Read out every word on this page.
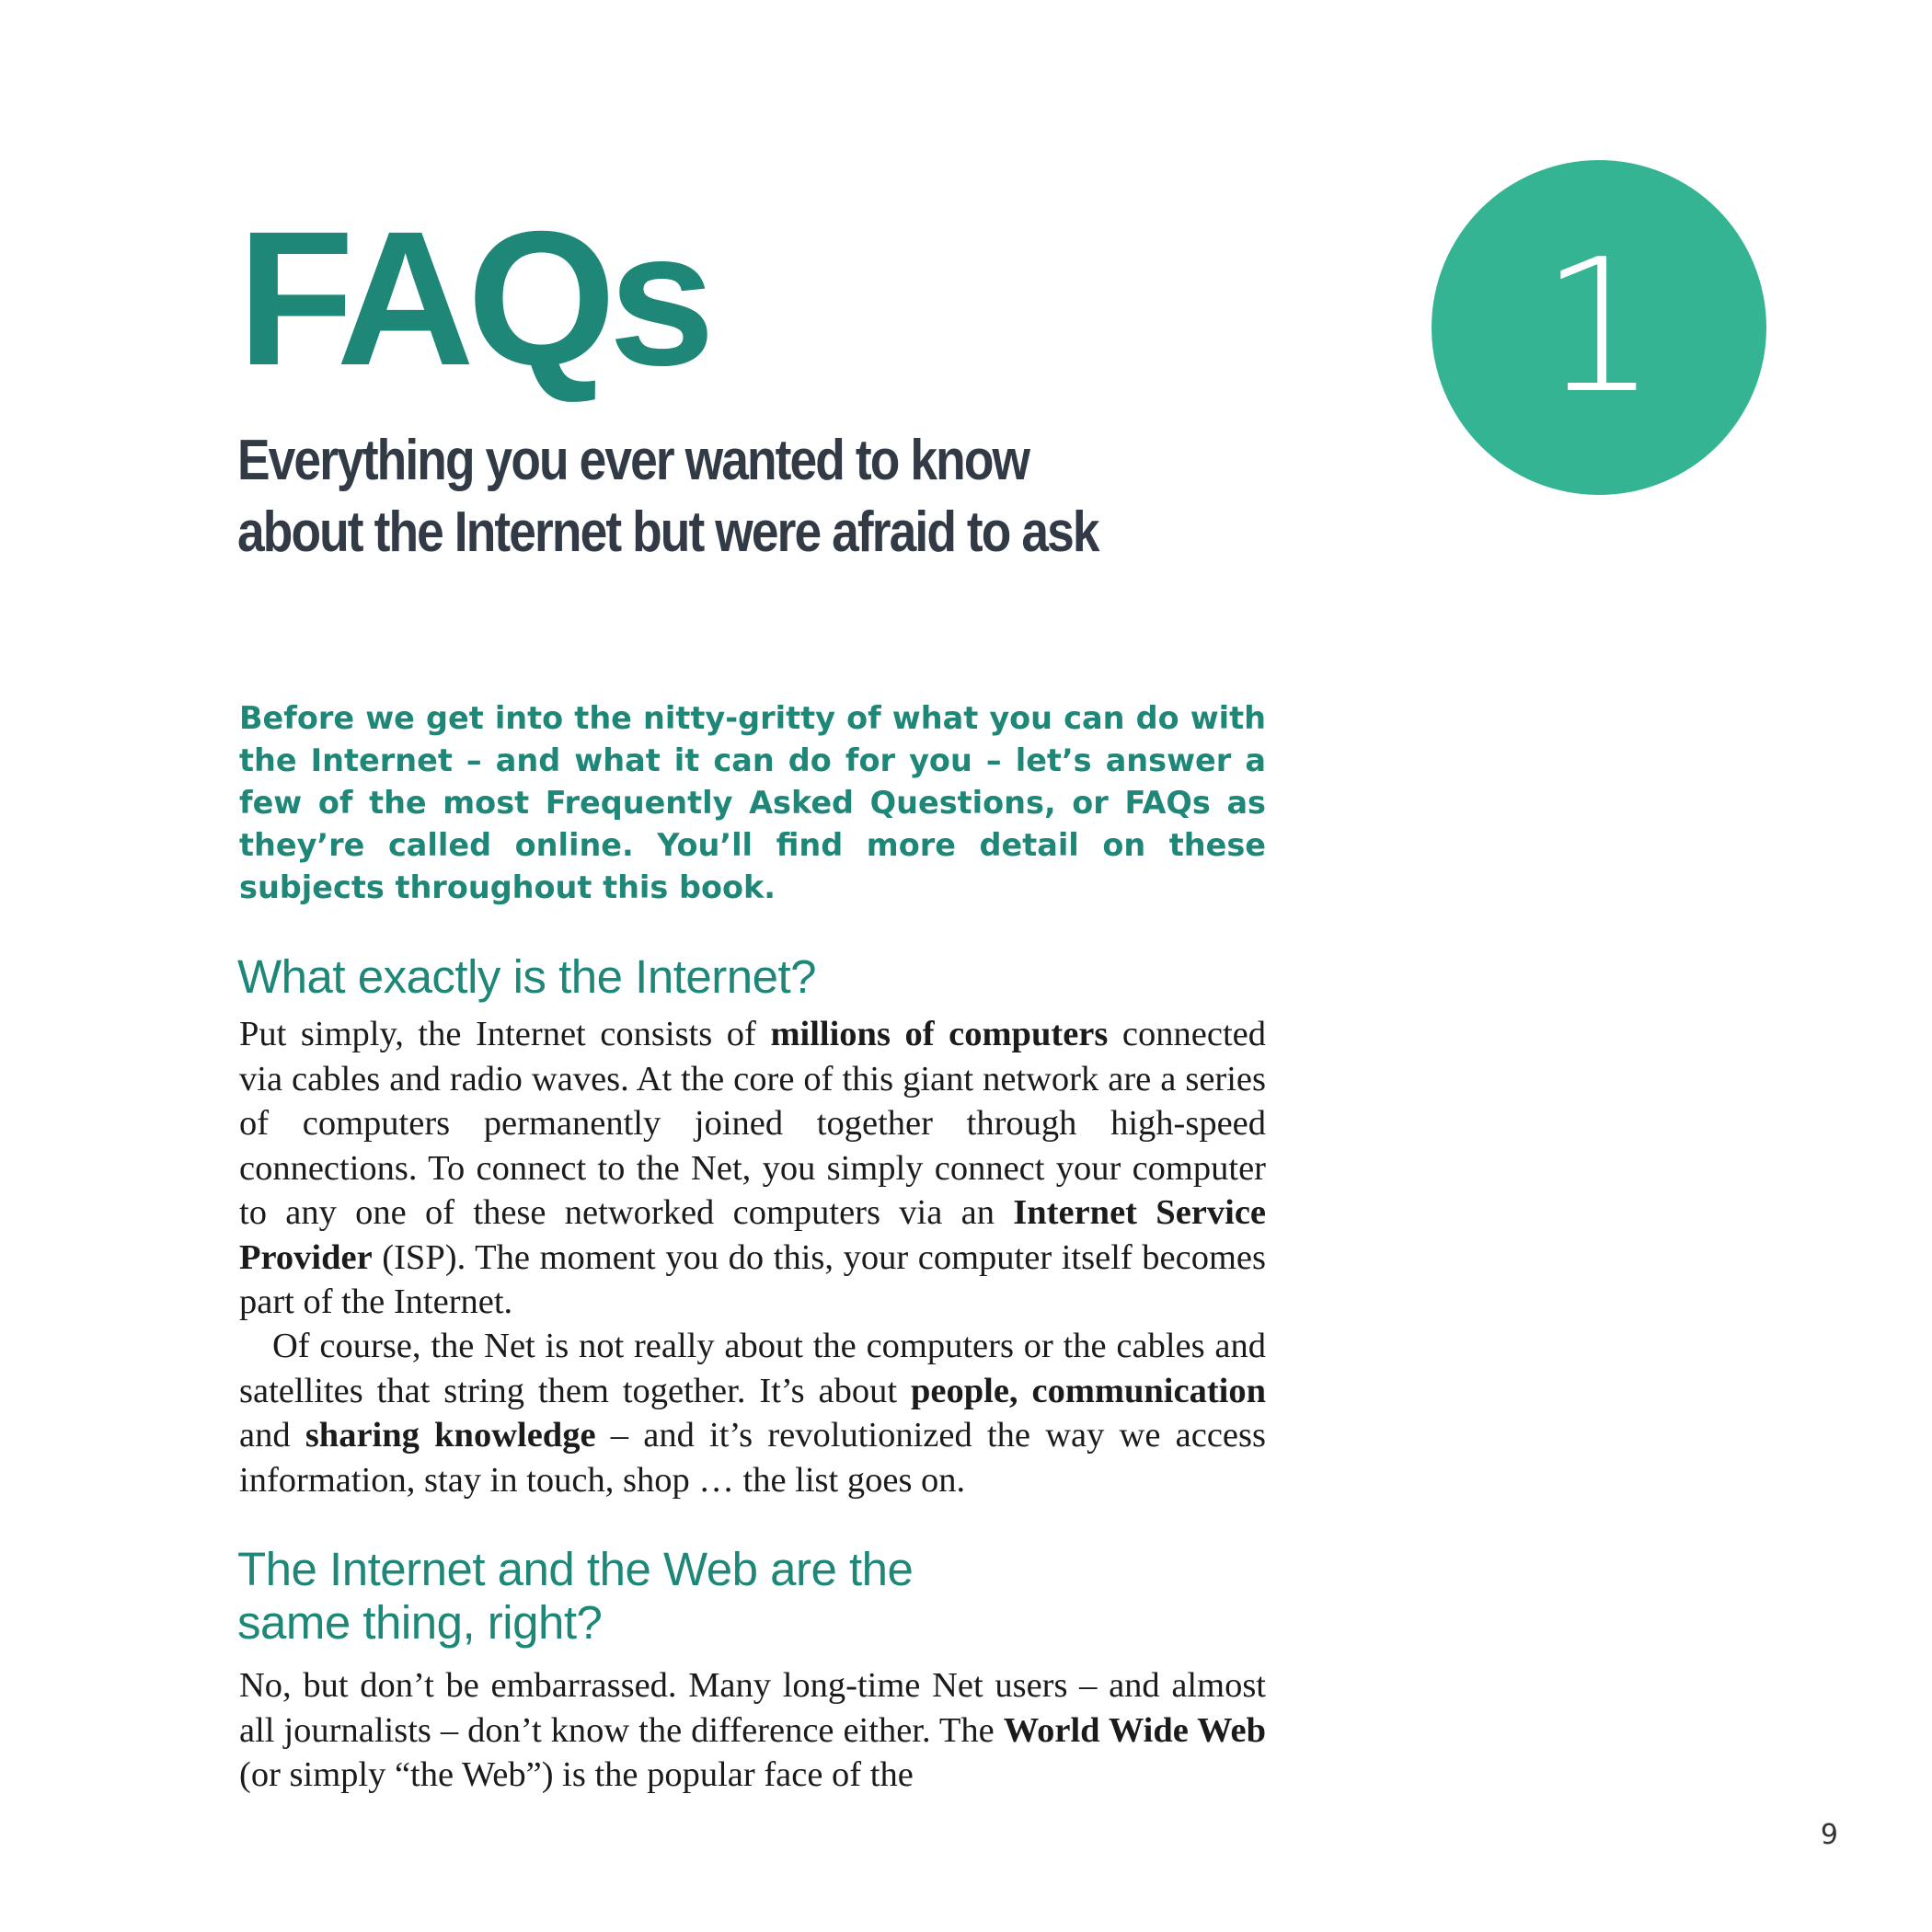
FAQs
Everything you ever wanted to know
about the Internet but were afraid to ask
1

Before we get into the nitty-gritty of what you can do with the Internet – and what it can do for you – let’s answer a few of the most Frequently Asked Questions, or FAQs as they’re called online. You’ll find more detail on these subjects throughout this book.

What exactly is the Internet?

Put simply, the Internet consists of millions of computers connected via cables and radio waves. At the core of this giant network are a series of computers permanently joined together through high-speed connections. To connect to the Net, you simply connect your computer to any one of these networked computers via an Internet Service Provider (ISP). The moment you do this, your computer itself becomes part of the Internet.

Of course, the Net is not really about the computers or the cables and satellites that string them together. It’s about people, communication and sharing knowledge – and it’s revolutionized the way we access information, stay in touch, shop … the list goes on.

The Internet and the Web are the
same thing, right?

No, but don’t be embarrassed. Many long-time Net users – and almost all journalists – don’t know the difference either. The World Wide Web (or simply “the Web”) is the popular face of the

9
